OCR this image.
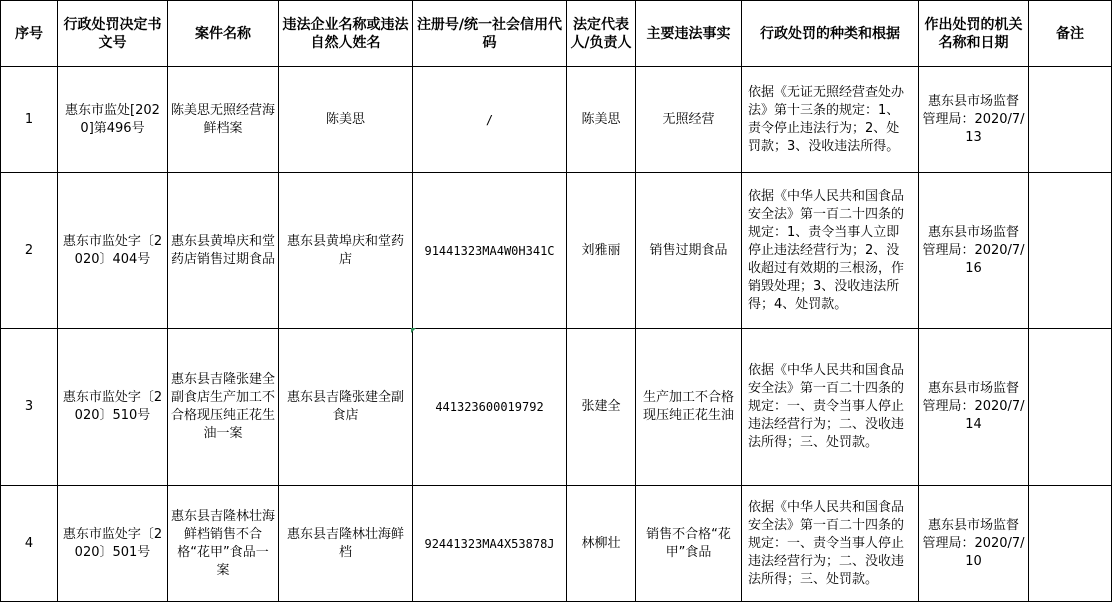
序号	行政处罚决定书文号	案件名称	违法企业名称或违法自然人姓名	注册号/统一社会信用代码	法定代表人/负责人	主要违法事实	行政处罚的种类和根据	作出处罚的机关名称和日期	备注
1	惠东市监处[2020]第496号	陈美思无照经营海鲜档案	陈美思	/	陈美思	无照经营	依据《无证无照经营查处办法》第十三条的规定：1、责令停止违法行为；2、处罚款；3、没收违法所得。	惠东县市场监督管理局：2020/7/13	
2	惠东市监处字〔2020〕404号	惠东县黄埠庆和堂药店销售过期食品	惠东县黄埠庆和堂药店	91441323MA4W0H341C	刘雅丽	销售过期食品	依据《中华人民共和国食品安全法》第一百二十四条的规定：1、责令当事人立即停止违法经营行为；2、没收超过有效期的三根汤，作销毁处理；3、没收违法所得；4、处罚款。	惠东县市场监督管理局：2020/7/16	
3	惠东市监处字〔2020〕510号	惠东县吉隆张建全副食店生产加工不合格现压纯正花生油一案	惠东县吉隆张建全副食店	441323600019792	张建全	生产加工不合格现压纯正花生油	依据《中华人民共和国食品安全法》第一百二十四条的规定：一、责令当事人停止违法经营行为；二、没收违法所得；三、处罚款。	惠东县市场监督管理局：2020/7/14	
4	惠东市监处字〔2020〕501号	惠东县吉隆林壮海鲜档销售不合格“花甲”食品一案	惠东县吉隆林壮海鲜档	92441323MA4X53878J	林柳壮	销售不合格“花甲”食品	依据《中华人民共和国食品安全法》第一百二十四条的规定：一、责令当事人停止违法经营行为；二、没收违法所得；三、处罚款。	惠东县市场监督管理局：2020/7/10	
